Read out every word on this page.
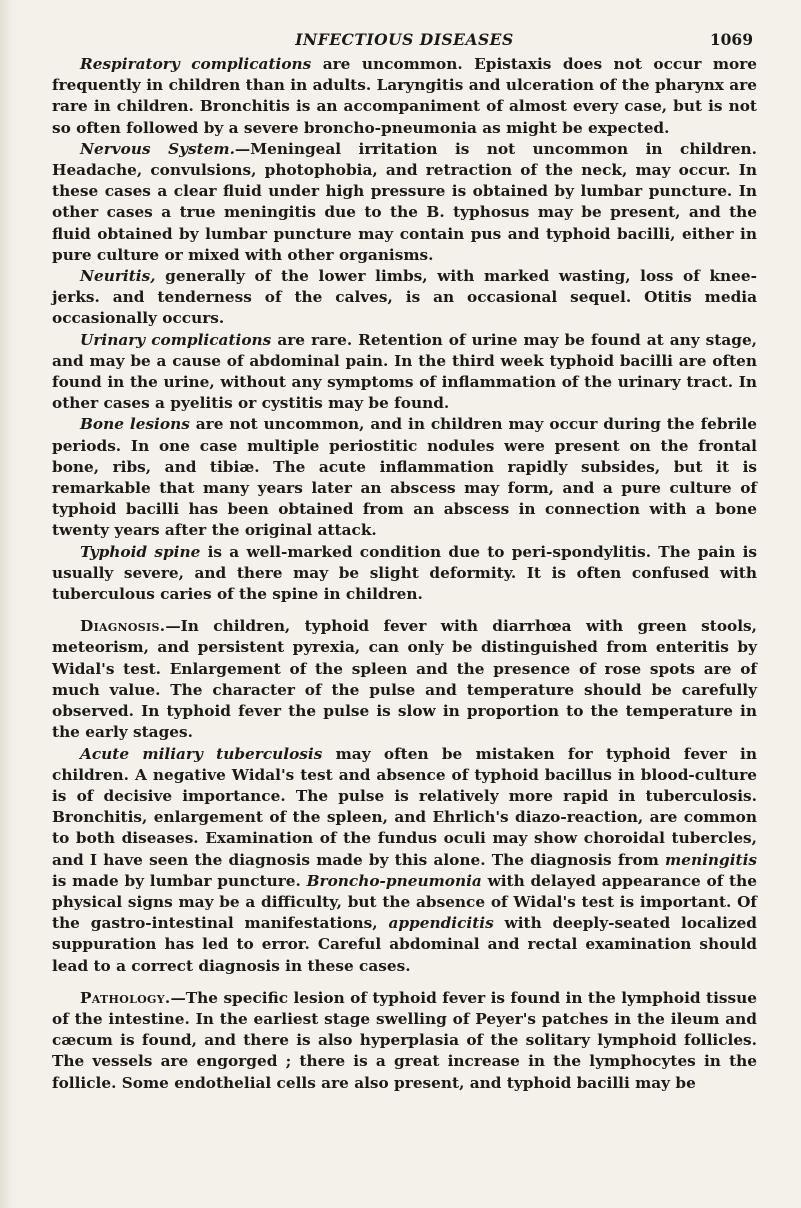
INFECTIOUS DISEASES	1069

Respiratory complications are uncommon. Epistaxis does not occur more frequently in children than in adults. Laryngitis and ulceration of the pharynx are rare in children. Bronchitis is an accompaniment of almost every case, but is not so often followed by a severe broncho-pneumonia as might be expected.

Nervous System.—Meningeal irritation is not uncommon in children. Headache, convulsions, photophobia, and retraction of the neck, may occur. In these cases a clear fluid under high pressure is obtained by lumbar puncture. In other cases a true meningitis due to the B. typhosus may be present, and the fluid obtained by lumbar puncture may contain pus and typhoid bacilli, either in pure culture or mixed with other organisms.

Neuritis, generally of the lower limbs, with marked wasting, loss of knee-jerks. and tenderness of the calves, is an occasional sequel. Otitis media occasionally occurs.

Urinary complications are rare. Retention of urine may be found at any stage, and may be a cause of abdominal pain. In the third week typhoid bacilli are often found in the urine, without any symptoms of inflammation of the urinary tract. In other cases a pyelitis or cystitis may be found.

Bone lesions are not uncommon, and in children may occur during the febrile periods. In one case multiple periostitic nodules were present on the frontal bone, ribs, and tibiæ. The acute inflammation rapidly subsides, but it is remarkable that many years later an abscess may form, and a pure culture of typhoid bacilli has been obtained from an abscess in connection with a bone twenty years after the original attack.

Typhoid spine is a well-marked condition due to peri-spondylitis. The pain is usually severe, and there may be slight deformity. It is often confused with tuberculous caries of the spine in children.

Diagnosis.—In children, typhoid fever with diarrhœa with green stools, meteorism, and persistent pyrexia, can only be distinguished from enteritis by Widal's test. Enlargement of the spleen and the presence of rose spots are of much value. The character of the pulse and temperature should be carefully observed. In typhoid fever the pulse is slow in proportion to the temperature in the early stages.

Acute miliary tuberculosis may often be mistaken for typhoid fever in children. A negative Widal's test and absence of typhoid bacillus in blood-culture is of decisive importance. The pulse is relatively more rapid in tuberculosis. Bronchitis, enlargement of the spleen, and Ehrlich's diazo-reaction, are common to both diseases. Examination of the fundus oculi may show choroidal tubercles, and I have seen the diagnosis made by this alone. The diagnosis from meningitis is made by lumbar puncture. Broncho-pneumonia with delayed appearance of the physical signs may be a difficulty, but the absence of Widal's test is important. Of the gastro-intestinal manifestations, appendicitis with deeply-seated localized suppuration has led to error. Careful abdominal and rectal examination should lead to a correct diagnosis in these cases.

Pathology.—The specific lesion of typhoid fever is found in the lymphoid tissue of the intestine. In the earliest stage swelling of Peyer's patches in the ileum and cæcum is found, and there is also hyperplasia of the solitary lymphoid follicles. The vessels are engorged ; there is a great increase in the lymphocytes in the follicle. Some endothelial cells are also present, and typhoid bacilli may be
